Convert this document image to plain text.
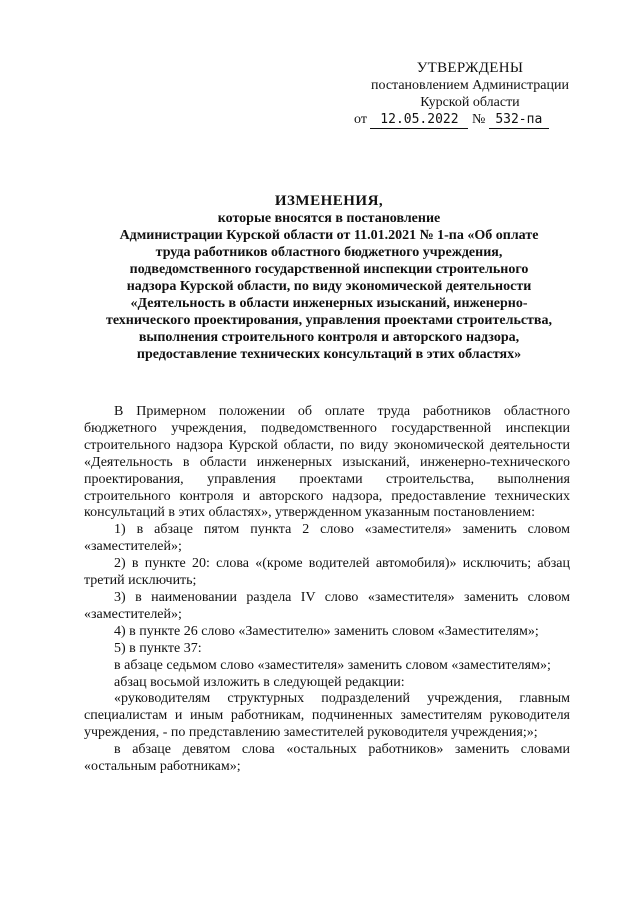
УТВЕРЖДЕНЫ
постановлением Администрации
Курской области
от 12.05.2022 № 532-па
ИЗМЕНЕНИЯ,
которые вносятся в постановление
Администрации Курской области от 11.01.2021 № 1-па «Об оплате
труда работников областного бюджетного учреждения,
подведомственного государственной инспекции строительного
надзора Курской области, по виду экономической деятельности
«Деятельность в области инженерных изысканий, инженерно-
технического проектирования, управления проектами строительства,
выполнения строительного контроля и авторского надзора,
предоставление технических консультаций в этих областях»

В Примерном положении об оплате труда работников областного бюджетного учреждения, подведомственного государственной инспекции строительного надзора Курской области, по виду экономической деятельности «Деятельность в области инженерных изысканий, инженерно-технического проектирования, управления проектами строительства, выполнения строительного контроля и авторского надзора, предоставление технических консультаций в этих областях», утвержденном указанным постановлением:

1) в абзаце пятом пункта 2 слово «заместителя» заменить словом «заместителей»;

2) в пункте 20: слова «(кроме водителей автомобиля)» исключить; абзац третий исключить;

3) в наименовании раздела IV слово «заместителя» заменить словом «заместителей»;

4) в пункте 26 слово «Заместителю» заменить словом «Заместителям»;

5) в пункте 37:

в абзаце седьмом слово «заместителя» заменить словом «заместителям»;

абзац восьмой изложить в следующей редакции:

«руководителям структурных подразделений учреждения, главным специалистам и иным работникам, подчиненных заместителям руководителя учреждения, - по представлению заместителей руководителя учреждения;»;

в абзаце девятом слова «остальных работников» заменить словами «остальным работникам»;
